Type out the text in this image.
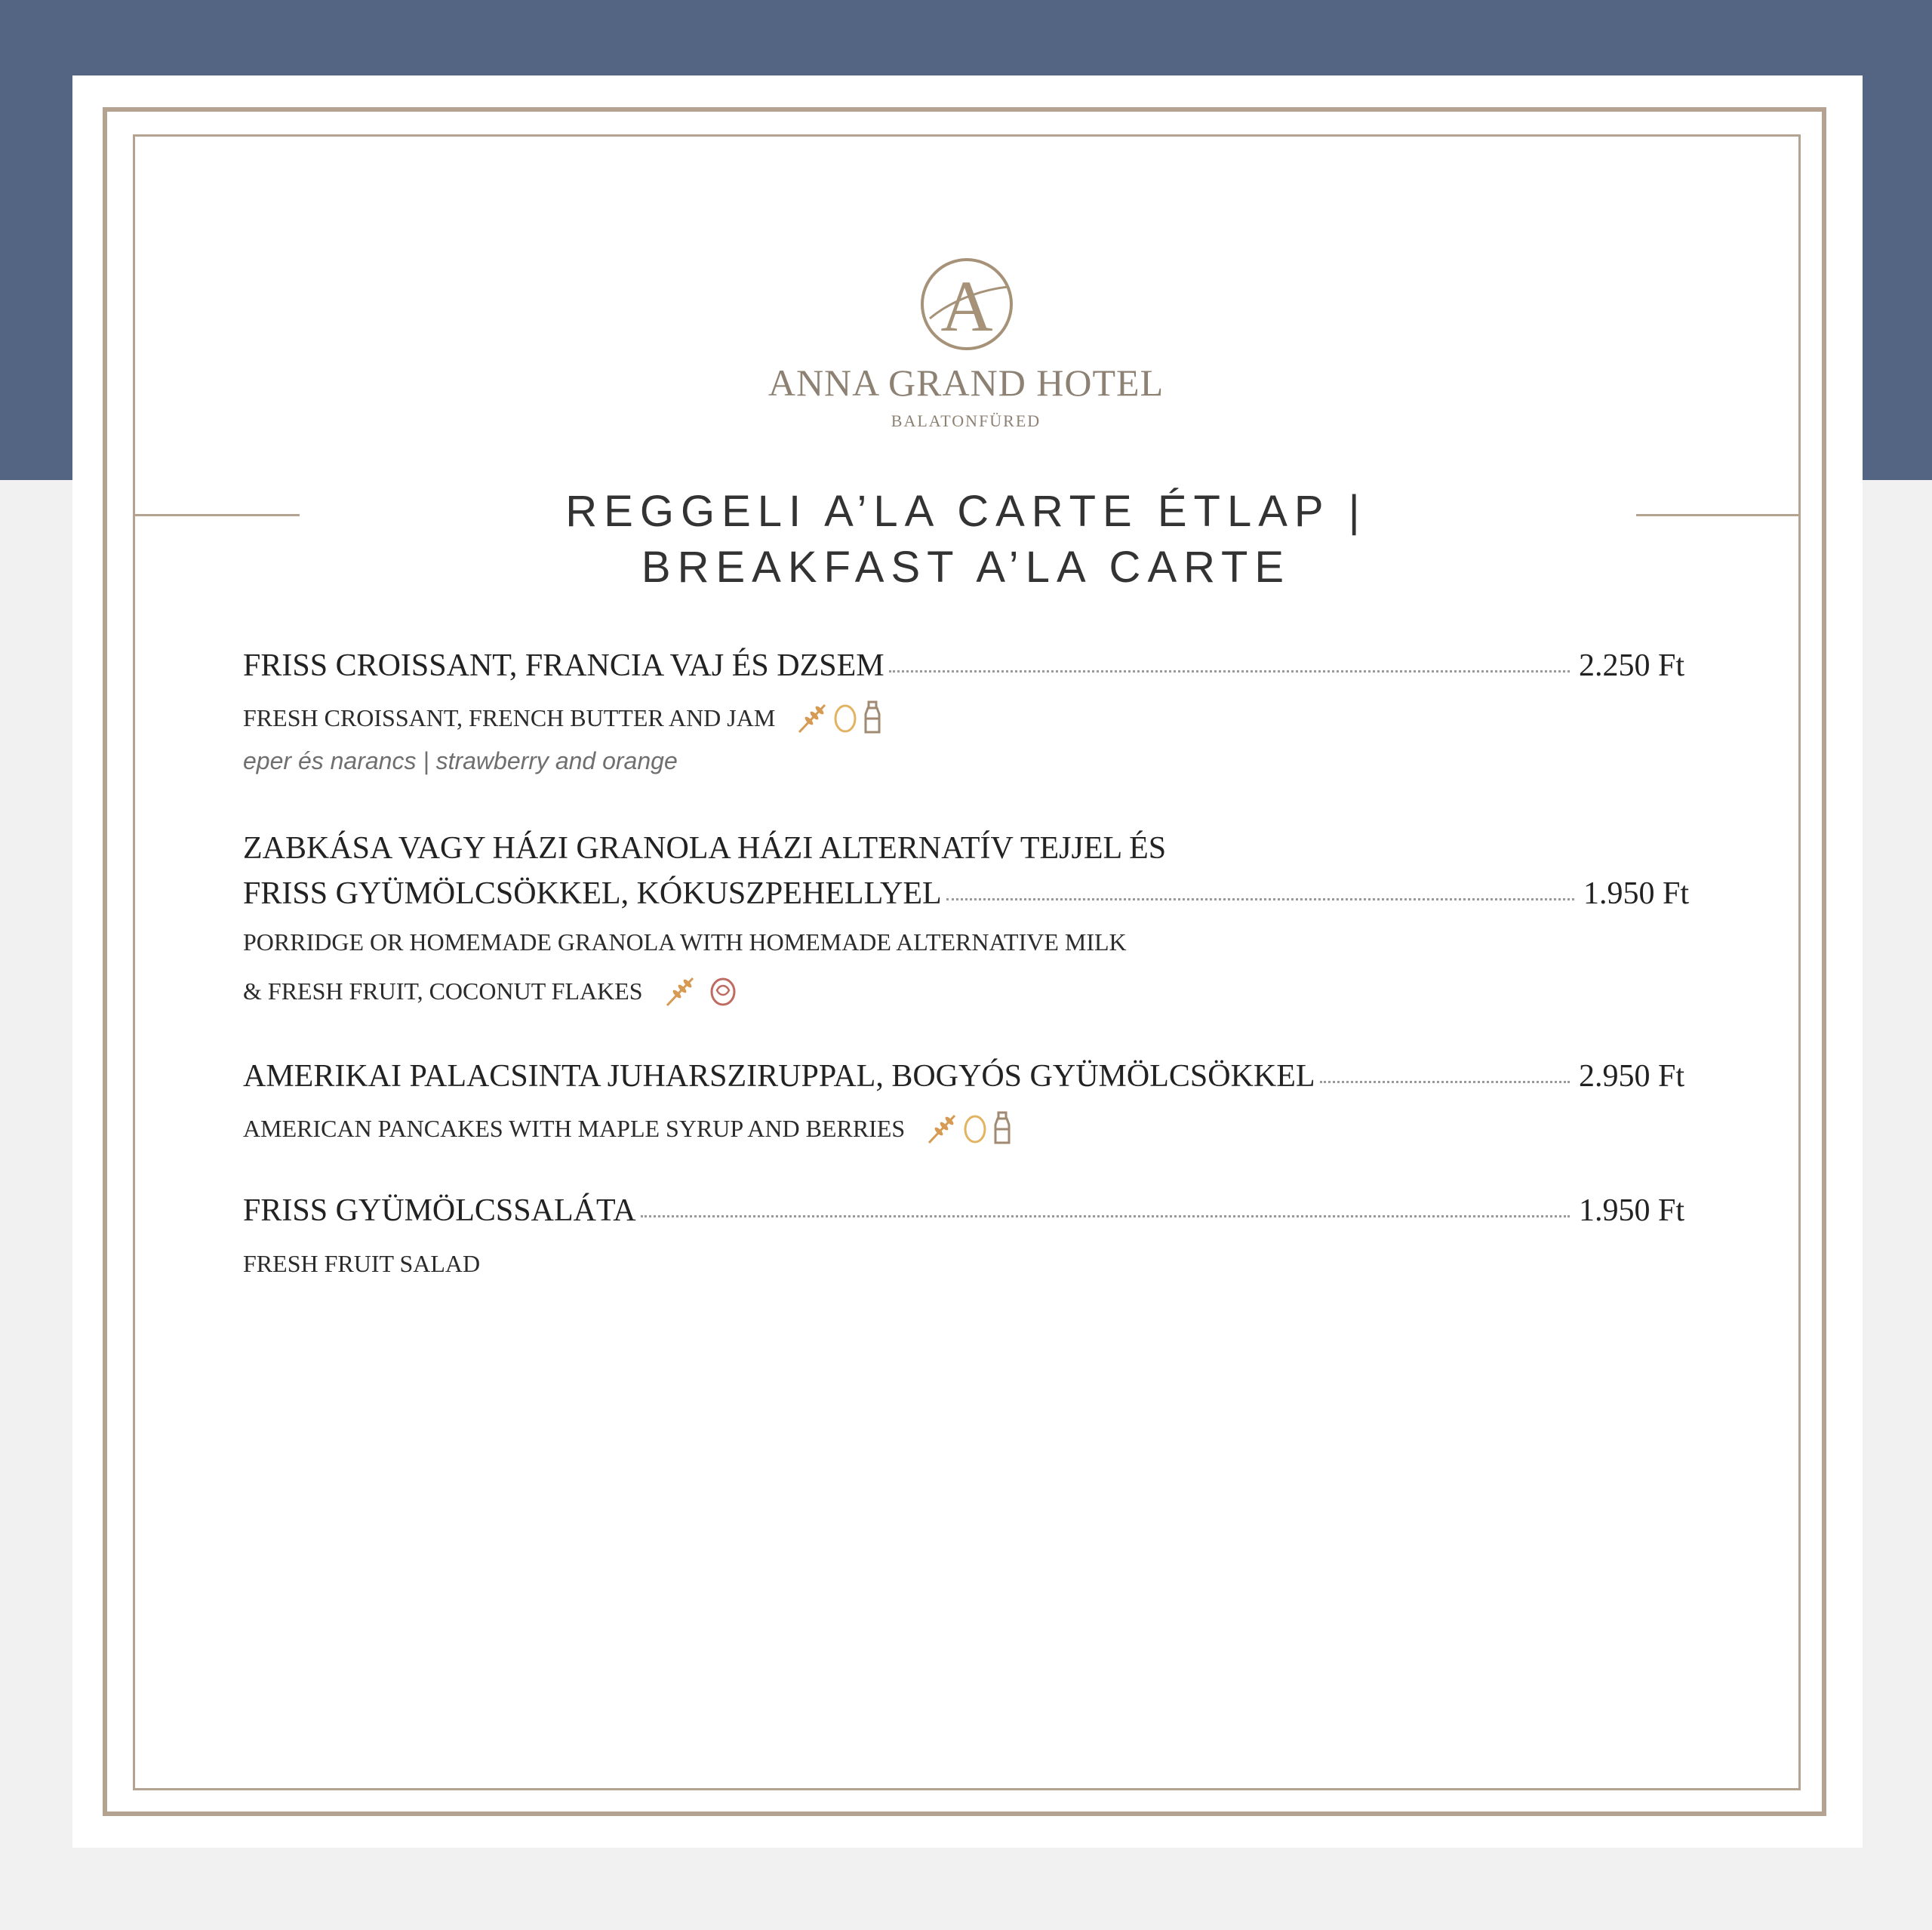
A
ANNA GRAND HOTEL
BALATONFÜRED
REGGELI A’LA CARTE ÉTLAP |
BREAKFAST A’LA CARTE
FRISS CROISSANT, FRANCIA VAJ ÉS DZSEM	2.250 Ft
FRESH CROISSANT, FRENCH BUTTER AND JAM
eper és narancs | strawberry and orange
ZABKÁSA VAGY HÁZI GRANOLA HÁZI ALTERNATÍV TEJJEL ÉS
FRISS GYÜMÖLCSÖKKEL, KÓKUSZPEHELLYEL	1.950 Ft
PORRIDGE OR HOMEMADE GRANOLA WITH HOMEMADE ALTERNATIVE MILK
& FRESH FRUIT, COCONUT FLAKES
AMERIKAI PALACSINTA JUHARSZIRUPPAL, BOGYÓS GYÜMÖLCSÖKKEL	2.950 Ft
AMERICAN PANCAKES WITH MAPLE SYRUP AND BERRIES
FRISS GYÜMÖLCSSALÁTA	1.950 Ft
FRESH FRUIT SALAD
